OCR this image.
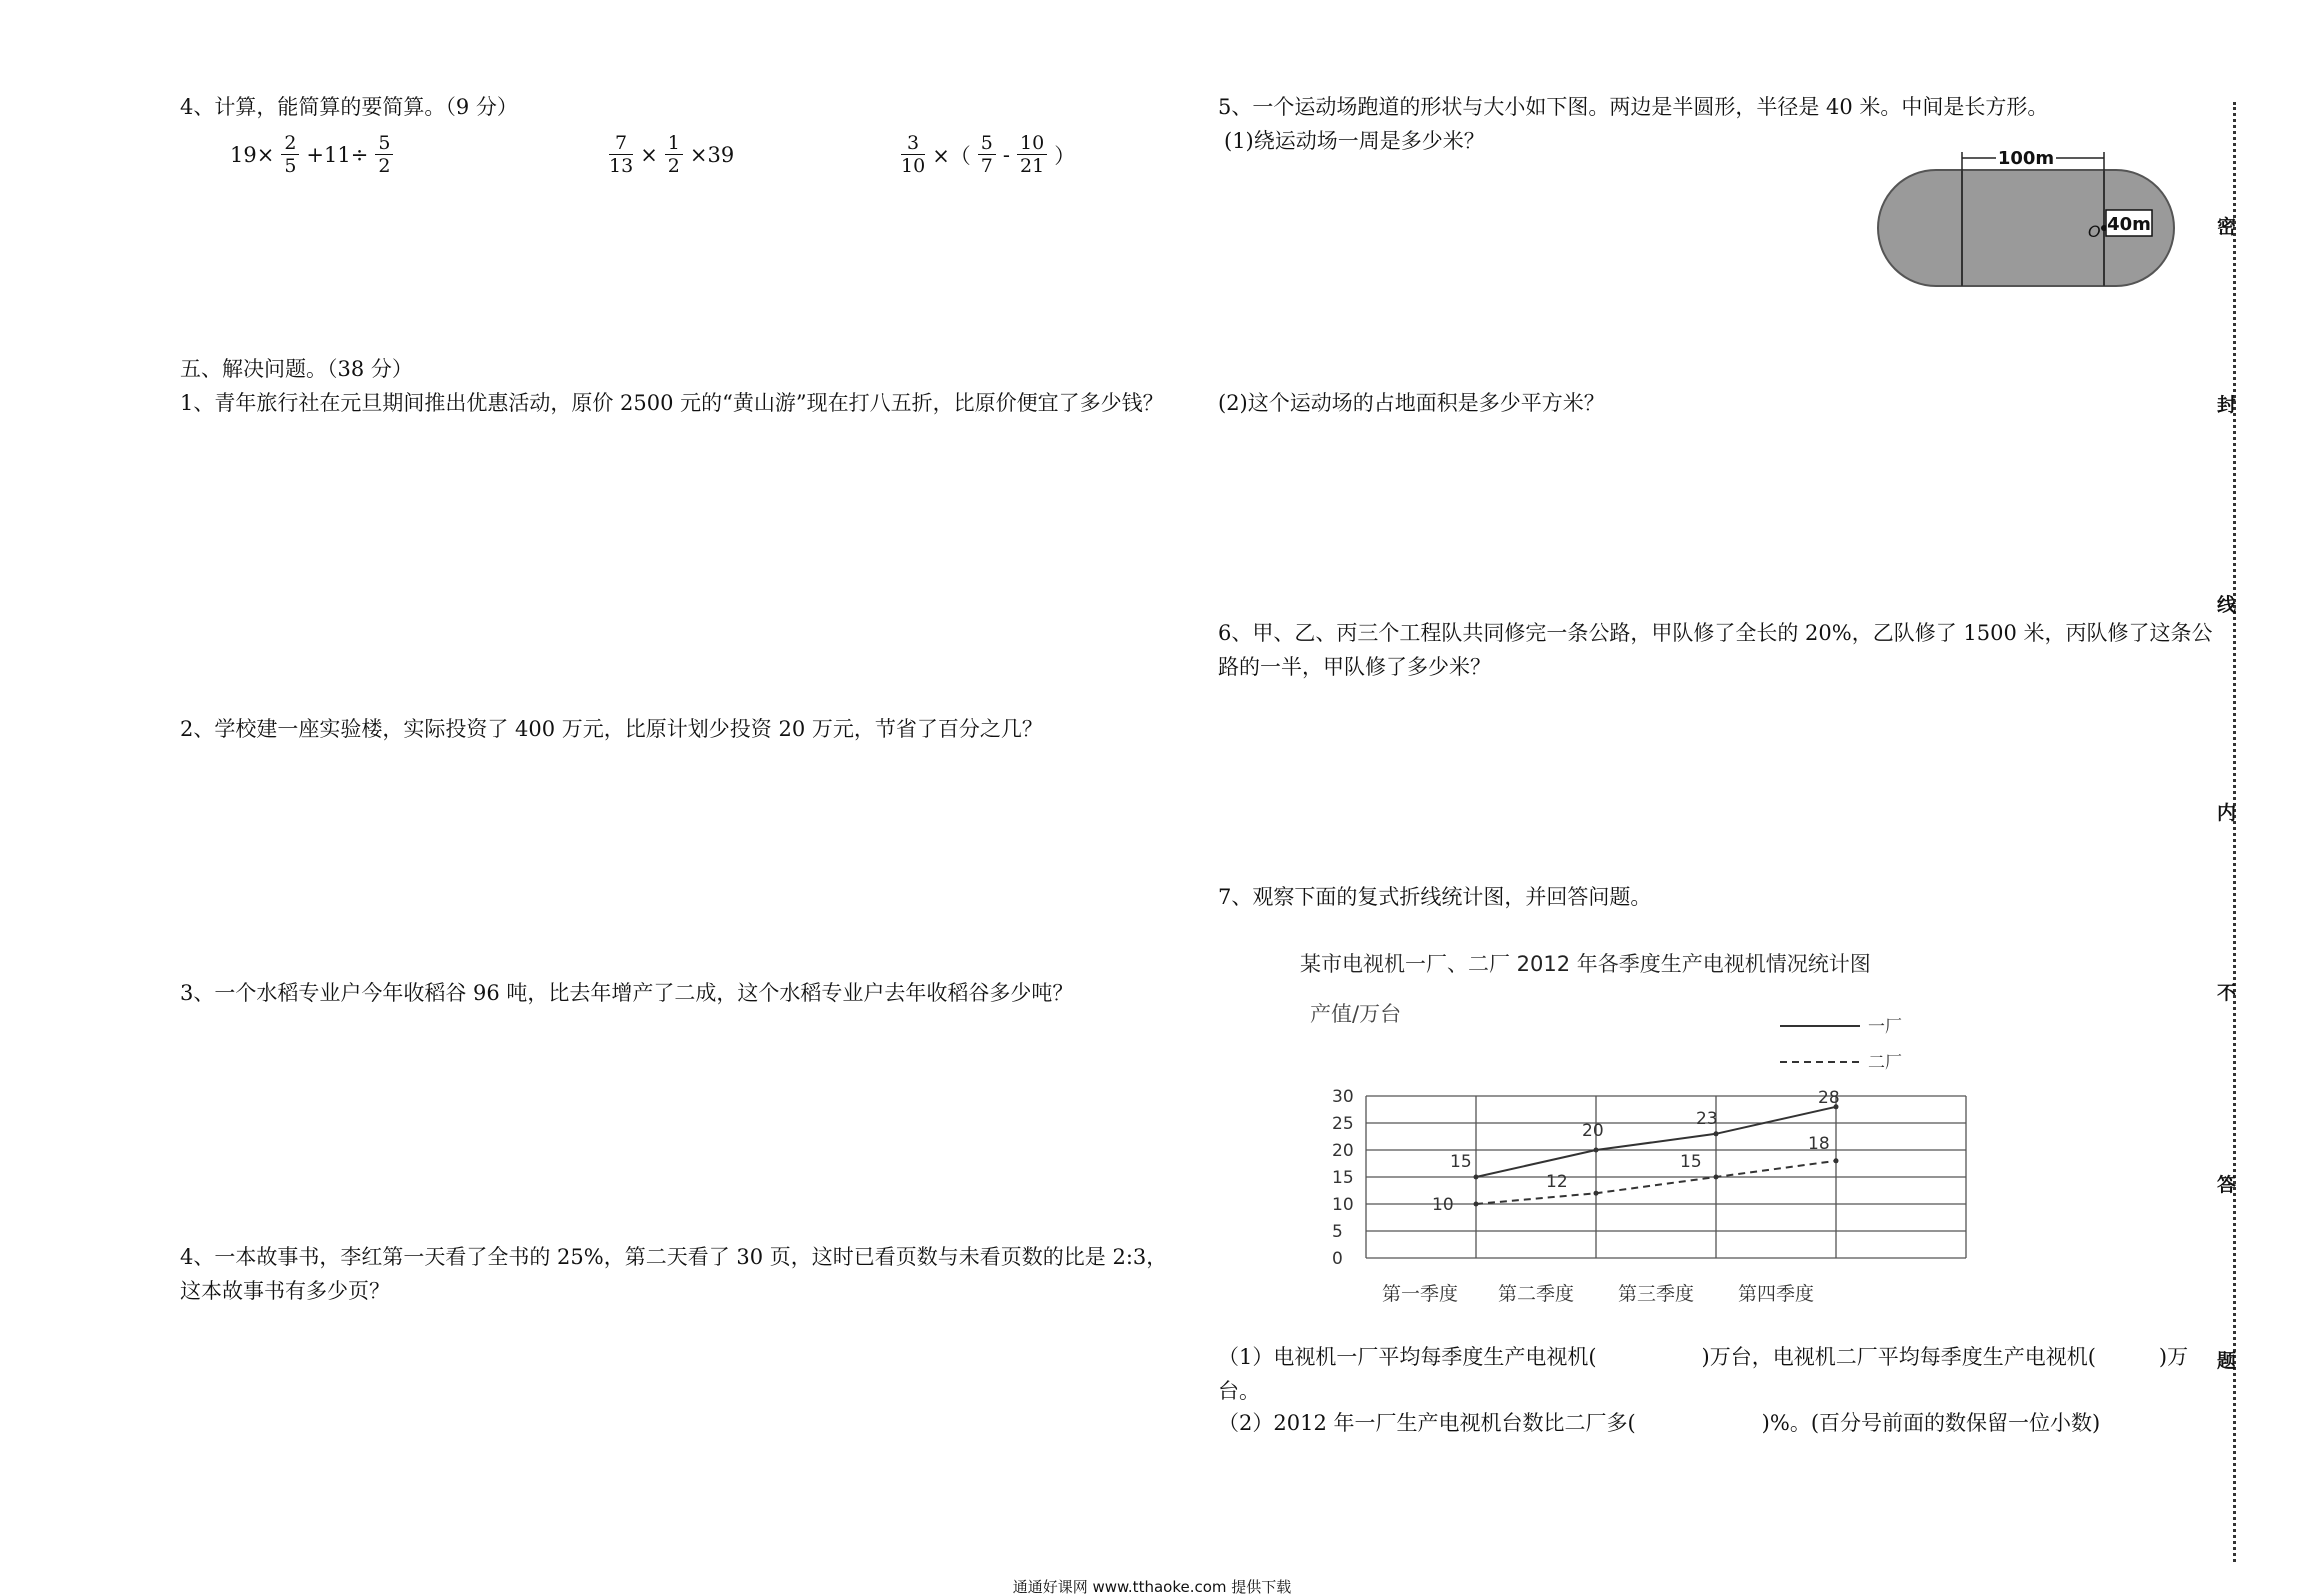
4、计算，能简算的要简算。（9 分）
$19\times \frac{2}{5} +11\div \frac{5}{2}$	$\frac{7}{13} \times \frac{1}{2} \times 39$	$\frac{3}{10}$ ×（ $\frac{5}{7} - \frac{10}{21}$ ）
五、解决问题。（38 分）
1、青年旅行社在元旦期间推出优惠活动，原价 2500 元的“黄山游”现在打八五折，比原价便宜了多少钱？
2、学校建一座实验楼，实际投资了 400 万元，比原计划少投资 20 万元，节省了百分之几？
3、一个水稻专业户今年收稻谷 96 吨，比去年增产了二成，这个水稻专业户去年收稻谷多少吨？
4、一本故事书，李红第一天看了全书的 25%，第二天看了 30 页，这时已看页数与未看页数的比是 2:3，这本故事书有多少页？
5、一个运动场跑道的形状与大小如下图。两边是半圆形，半径是 40 米。中间是长方形。
(1)绕运动场一周是多少米？
100m
O 40m
(2)这个运动场的占地面积是多少平方米？
6、甲、乙、丙三个工程队共同修完一条公路，甲队修了全长的 20%，乙队修了 1500 米，丙队修了这条公路的一半，甲队修了多少米？
7、观察下面的复式折线统计图，并回答问题。
某市电视机一厂、二厂 2012 年各季度生产电视机情况统计图
产值/万台
一厂
二厂
30
25
20
15
10
5
0
第一季度 第二季度 第三季度 第四季度
15
20
23
28
10
12
15
18
（1）电视机一厂平均每季度生产电视机(　　　　　)万台，电视机二厂平均每季度生产电视机(　　　)万台。
（2）2012 年一厂生产电视机台数比二厂多(　　　　　　)%。(百分号前面的数保留一位小数)
密
封
线
内
不
答
题
通通好课网 www.tthaoke.com 提供下载
